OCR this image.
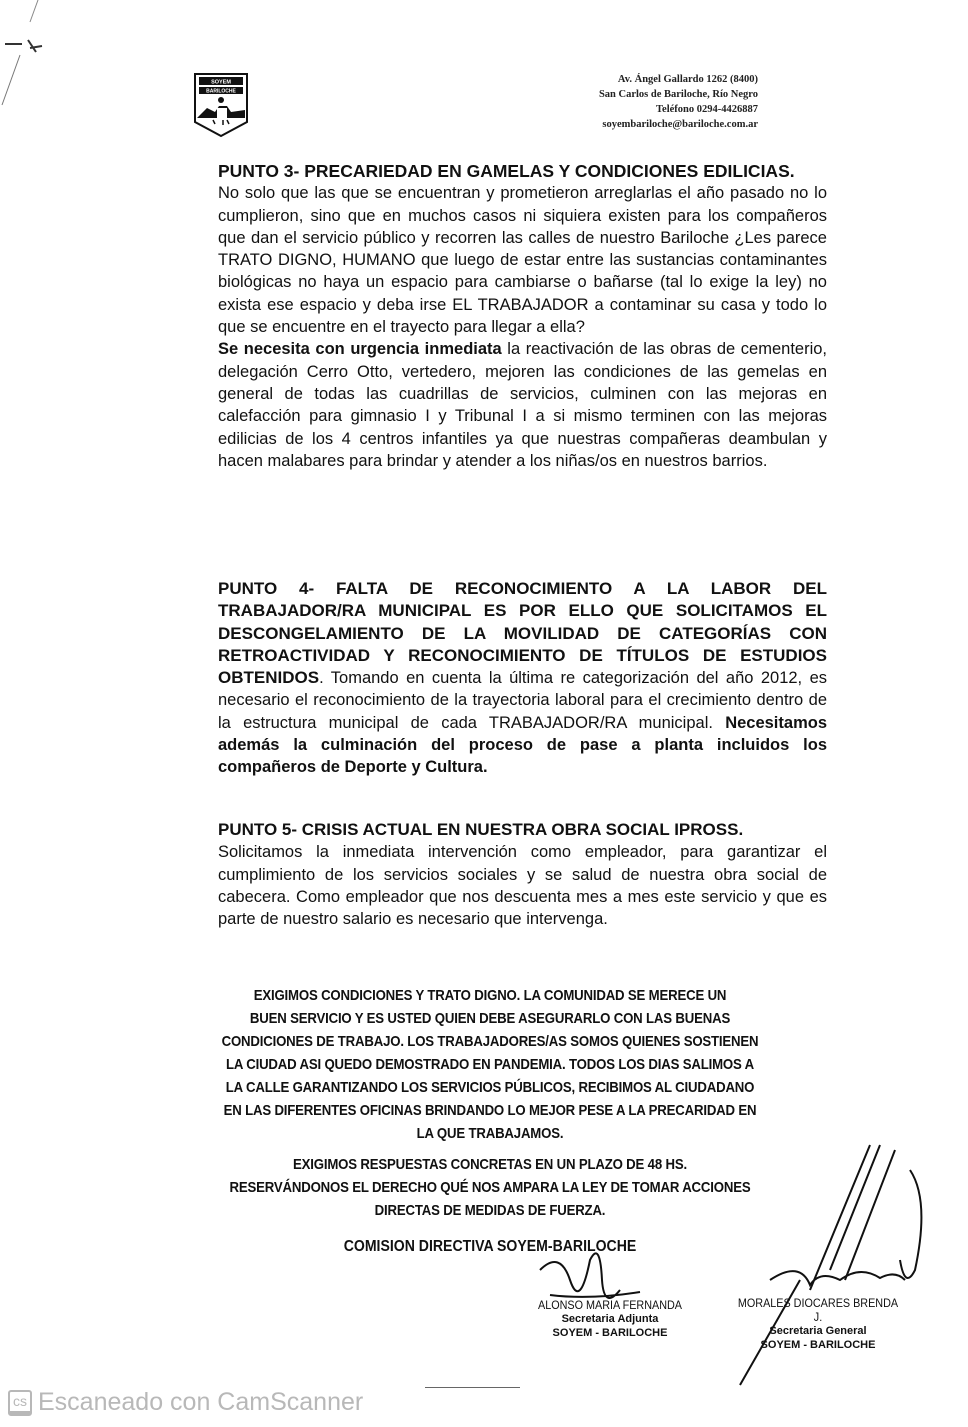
SOYEM
BARILOCHE
Av. Ángel Gallardo 1262 (8400)
San Carlos de Bariloche, Río Negro
Teléfono 0294-4426887
soyembariloche@bariloche.com.ar
PUNTO 3- PRECARIEDAD EN GAMELAS Y CONDICIONES EDILICIAS.
No solo que las que se encuentran y prometieron arreglarlas el año pasado no lo cumplieron, sino que en muchos casos ni siquiera existen para los compañeros que dan el servicio público y recorren las calles de nuestro Bariloche ¿Les parece TRATO DIGNO, HUMANO que luego de estar entre las sustancias contaminantes biológicas no haya un espacio para cambiarse o bañarse (tal lo exige la ley) no exista ese espacio y deba irse EL TRABAJADOR a contaminar su casa y todo lo que se encuentre en el trayecto para llegar a ella?
Se necesita con urgencia inmediata la reactivación de las obras de cementerio, delegación Cerro Otto, vertedero, mejoren las condiciones de las gemelas en general de todas las cuadrillas de servicios, culminen con las mejoras en calefacción para gimnasio I y Tribunal I a si mismo terminen con las mejoras edilicias de los 4 centros infantiles ya que nuestras compañeras deambulan y hacen malabares para brindar y atender a los niñas/os en nuestros barrios.
PUNTO 4- FALTA DE RECONOCIMIENTO A LA LABOR DEL TRABAJADOR/RA MUNICIPAL ES POR ELLO QUE SOLICITAMOS EL DESCONGELAMIENTO DE LA MOVILIDAD DE CATEGORÍAS CON RETROACTIVIDAD Y RECONOCIMIENTO DE TÍTULOS DE ESTUDIOS OBTENIDOS. Tomando en cuenta la última re categorización del año 2012, es necesario el reconocimiento de la trayectoria laboral para el crecimiento dentro de la estructura municipal de cada TRABAJADOR/RA municipal. Necesitamos además la culminación del proceso de pase a planta incluidos los compañeros de Deporte y Cultura.
PUNTO 5- CRISIS ACTUAL EN NUESTRA OBRA SOCIAL IPROSS.
Solicitamos la inmediata intervención como empleador, para garantizar el cumplimiento de los servicios sociales y se salud de nuestra obra social de cabecera. Como empleador que nos descuenta mes a mes este servicio y que es parte de nuestro salario es necesario que intervenga.
EXIGIMOS CONDICIONES Y TRATO DIGNO. LA COMUNIDAD SE MERECE UN
BUEN SERVICIO Y ES USTED QUIEN DEBE ASEGURARLO CON LAS BUENAS
CONDICIONES DE TRABAJO. LOS TRABAJADORES/AS SOMOS QUIENES SOSTIENEN
LA CIUDAD ASI QUEDO DEMOSTRADO EN PANDEMIA. TODOS LOS DIAS SALIMOS A
LA CALLE GARANTIZANDO LOS SERVICIOS PÚBLICOS, RECIBIMOS AL CIUDADANO
EN LAS DIFERENTES OFICINAS BRINDANDO LO MEJOR PESE A LA PRECARIDAD EN
LA QUE TRABAJAMOS.
EXIGIMOS RESPUESTAS CONCRETAS EN UN PLAZO DE 48 HS.
RESERVÁNDONOS EL DERECHO QUÉ NOS AMPARA LA LEY DE TOMAR ACCIONES
DIRECTAS DE MEDIDAS DE FUERZA.
COMISION DIRECTIVA SOYEM-BARILOCHE
ALONSO MARIA FERNANDA
Secretaria Adjunta
SOYEM - BARILOCHE
MORALES DIOCARES BRENDA J.
Secretaria General
SOYEM - BARILOCHE
cs Escaneado con CamScanner
